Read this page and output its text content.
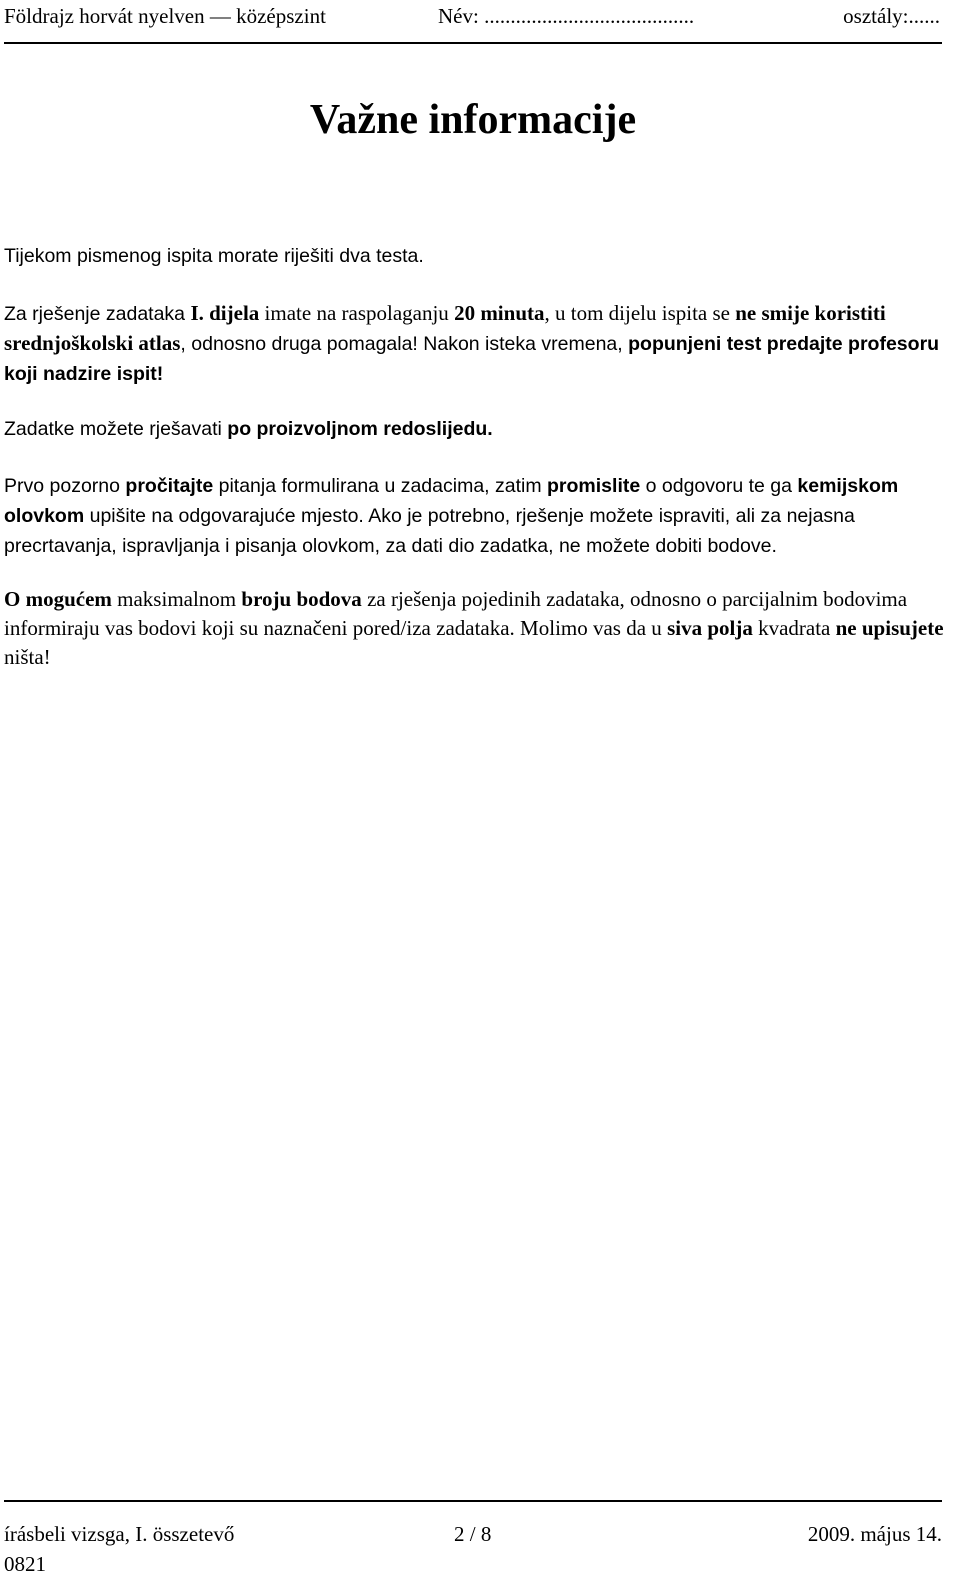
Földrajz horvát nyelven — középszint	Név: ........................................	osztály:......
Važne informacije

Tijekom pismenog ispita morate riješiti dva testa.

Za rješenje zadataka I. dijela imate na raspolaganju 20 minuta, u tom dijelu ispita se ne smije koristiti srednjoškolski atlas, odnosno druga pomagala! Nakon isteka vremena, popunjeni test predajte profesoru koji nadzire ispit!

Zadatke možete rješavati po proizvoljnom redoslijedu.

Prvo pozorno pročitajte pitanja formulirana u zadacima, zatim promislite o odgovoru te ga kemijskom olovkom upišite na odgovarajuće mjesto. Ako je potrebno, rješenje možete ispraviti, ali za nejasna precrtavanja, ispravljanja i pisanja olovkom, za dati dio zadatka, ne možete dobiti bodove.

O mogućem maksimalnom broju bodova za rješenja pojedinih zadataka, odnosno o parcijalnim bodovima informiraju vas bodovi koji su naznačeni pored/iza zadataka. Molimo vas da u siva polja kvadrata ne upisujete ništa!

írásbeli vizsga, I. összetevő	2 / 8	2009. május 14.
0821
